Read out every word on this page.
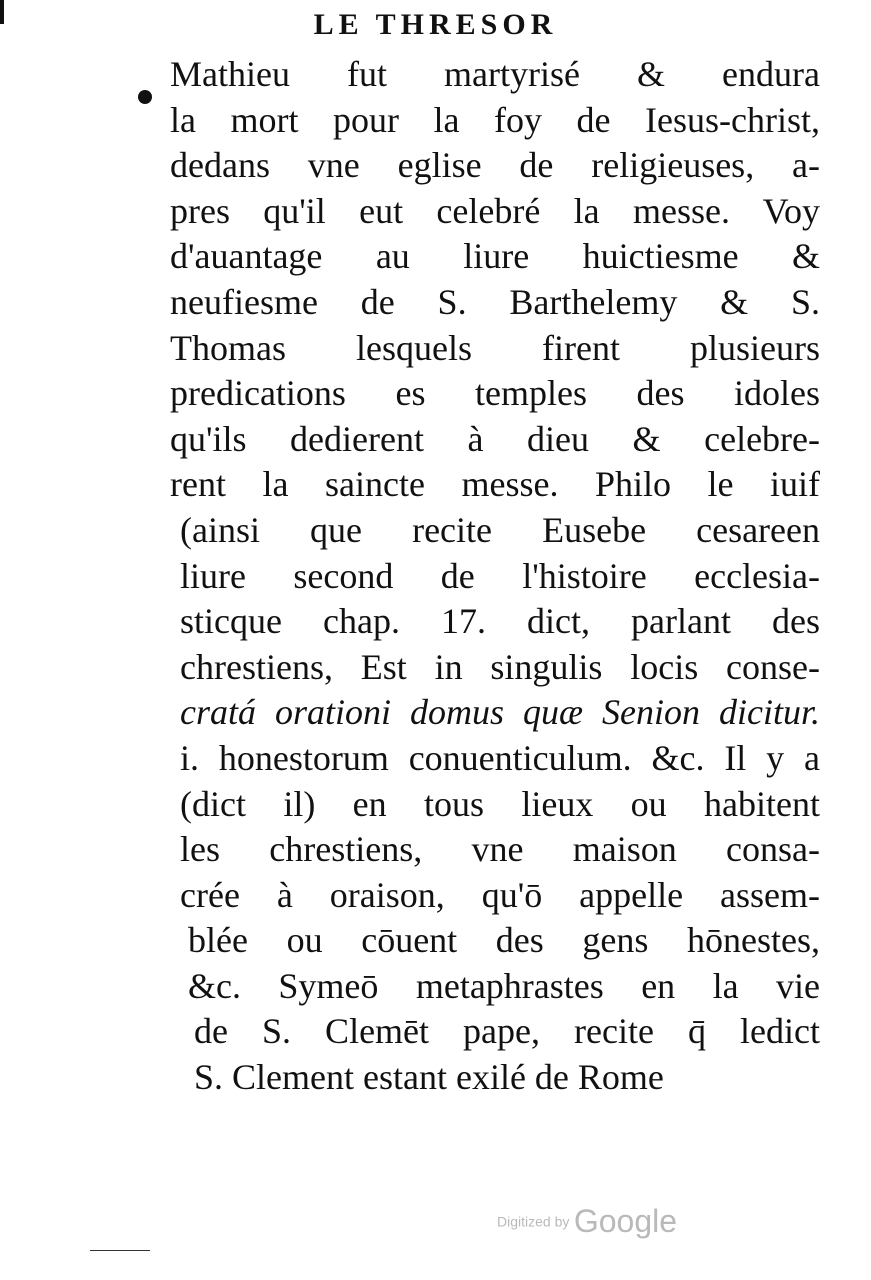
LE THRESOR
Mathieu fut martyrisé & endura
la mort pour la foy de Iesus-christ,
dedans vne eglise de religieuses, a-
pres qu'il eut celebré la messe. Voy
d'auantage au liure huictiesme &
neufiesme de S. Barthelemy & S.
Thomas lesquels firent plusieurs
predications es temples des idoles
qu'ils dedierent à dieu & celebre-
rent la saincte messe. Philo le iuif
(ainsi que recite Eusebe cesareen
liure second de l'histoire ecclesia-
sticque chap. 17. dict, parlant des
chrestiens, Est in singulis locis conse-
cratá orationi domus quæ Senion dicitur.
i. honestorum conuenticulum. &c. Il y a
(dict il) en tous lieux ou habitent
les chrestiens, vne maison consa-
crée à oraison, qu'ō appelle assem-
blée ou cōuent des gens hōnestes,
&c. Symeō metaphrastes en la vie
de S. Clemēt pape, recite q̄ ledict
S. Clement estant exilé de Rome
Digitized by Google
